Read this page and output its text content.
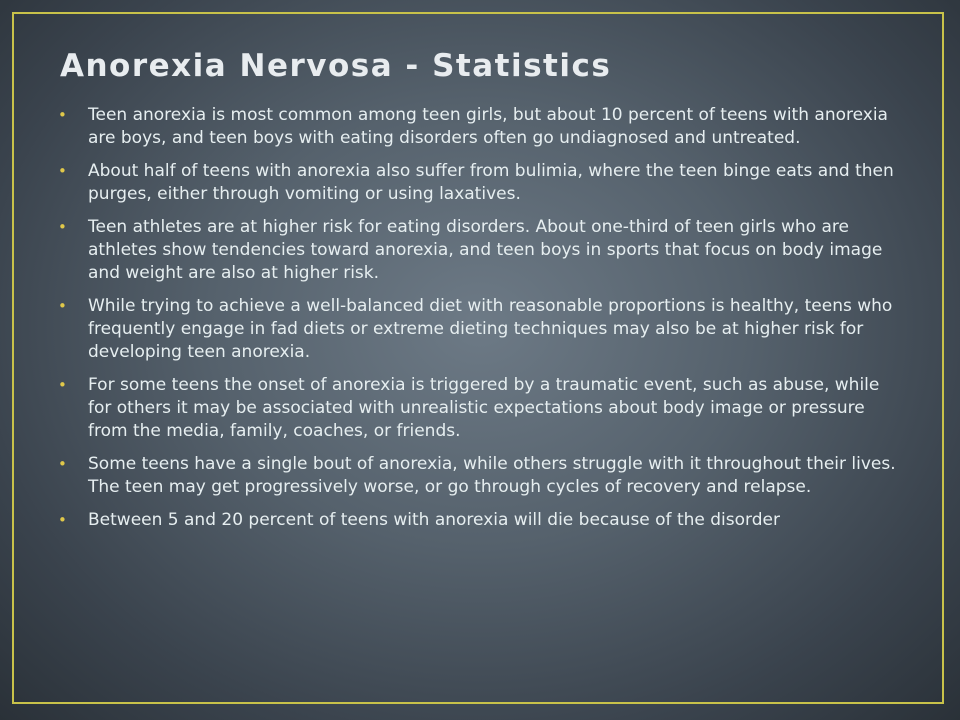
Anorexia Nervosa - Statistics
• Teen anorexia is most common among teen girls, but about 10 percent of teens with anorexia are boys, and teen boys with eating disorders often go undiagnosed and untreated.
• About half of teens with anorexia also suffer from bulimia, where the teen binge eats and then purges, either through vomiting or using laxatives.
• Teen athletes are at higher risk for eating disorders. About one-third of teen girls who are athletes show tendencies toward anorexia, and teen boys in sports that focus on body image and weight are also at higher risk.
• While trying to achieve a well-balanced diet with reasonable proportions is healthy, teens who frequently engage in fad diets or extreme dieting techniques may also be at higher risk for developing teen anorexia.
• For some teens the onset of anorexia is triggered by a traumatic event, such as abuse, while for others it may be associated with unrealistic expectations about body image or pressure from the media, family, coaches, or friends.
• Some teens have a single bout of anorexia, while others struggle with it throughout their lives. The teen may get progressively worse, or go through cycles of recovery and relapse.
• Between 5 and 20 percent of teens with anorexia will die because of the disorder
